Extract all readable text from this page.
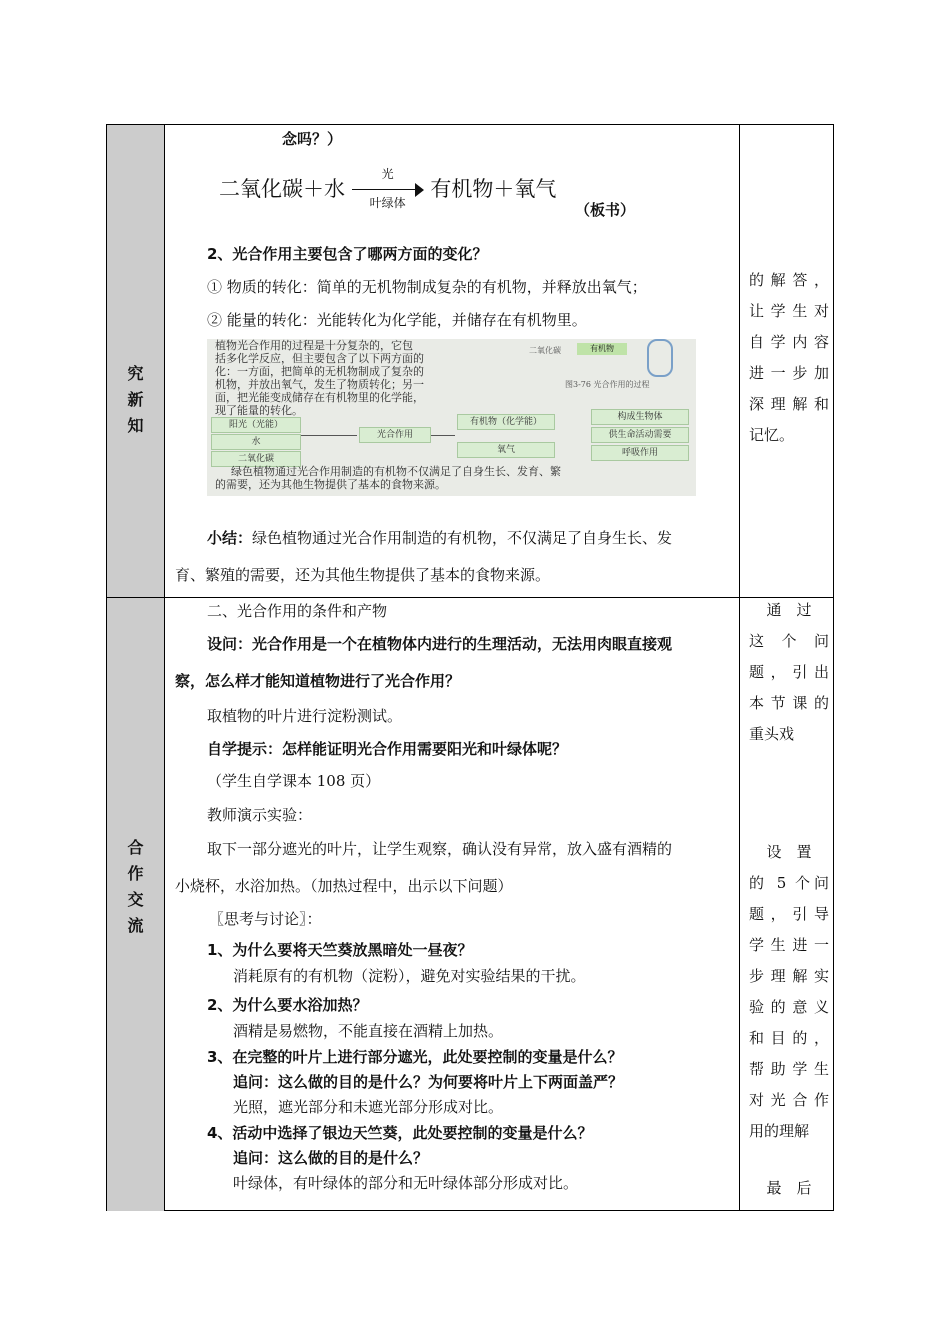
究
新
知
念吗？）
二氧化碳＋水
光
叶绿体
有机物＋氧气
（板书）
2、光合作用主要包含了哪两方面的变化？
① 物质的转化：简单的无机物制成复杂的有机物，并释放出氧气；
② 能量的转化：光能转化为化学能，并储存在有机物里。
植物光合作用的过程是十分复杂的，它包
括多化学反应，但主要包含了以下两方面的
化：一方面，把简单的无机物制成了复杂的
机物，并放出氧气，发生了物质转化；另一
面，把光能变成储存在有机物里的化学能，
现了能量的转化。
二氧化碳	有机物
图3-76 光合作用的过程
阳光（光能）
水
二氧化碳
光合作用
有机物（化学能）
氧气
构成生物体
供生命活动需要
呼吸作用
绿色植物通过光合作用制造的有机物不仅满足了自身生长、发育、繁
的需要，还为其他生物提供了基本的食物来源。
小结：绿色植物通过光合作用制造的有机物，不仅满足了自身生长、发
育、繁殖的需要，还为其他生物提供了基本的食物来源。
的解答，
让学生对
自学内容
进一步加
深理解和
记忆。
合
作
交
流
二、光合作用的条件和产物
设问：光合作用是一个在植物体内进行的生理活动，无法用肉眼直接观
察，怎么样才能知道植物进行了光合作用？
取植物的叶片进行淀粉测试。
自学提示：怎样能证明光合作用需要阳光和叶绿体呢？
（学生自学课本 108 页）
教师演示实验：
取下一部分遮光的叶片，让学生观察，确认没有异常，放入盛有酒精的
小烧杯，水浴加热。（加热过程中，出示以下问题）
〖思考与讨论〗：
1、为什么要将天竺葵放黑暗处一昼夜？
消耗原有的有机物（淀粉），避免对实验结果的干扰。
2、为什么要水浴加热？
酒精是易燃物，不能直接在酒精上加热。
3、在完整的叶片上进行部分遮光，此处要控制的变量是什么？
追问：这么做的目的是什么？为何要将叶片上下两面盖严？
光照，遮光部分和未遮光部分形成对比。
4、活动中选择了银边天竺葵，此处要控制的变量是什么？
追问：这么做的目的是什么？
叶绿体，有叶绿体的部分和无叶绿体部分形成对比。
通　过
这　个　问
题，引出
本节课的
重头戏
设　置
的 5 个问
题，引导
学生进一
步理解实
验的意义
和目的，
帮助学生
对光合作
用的理解
最　后
